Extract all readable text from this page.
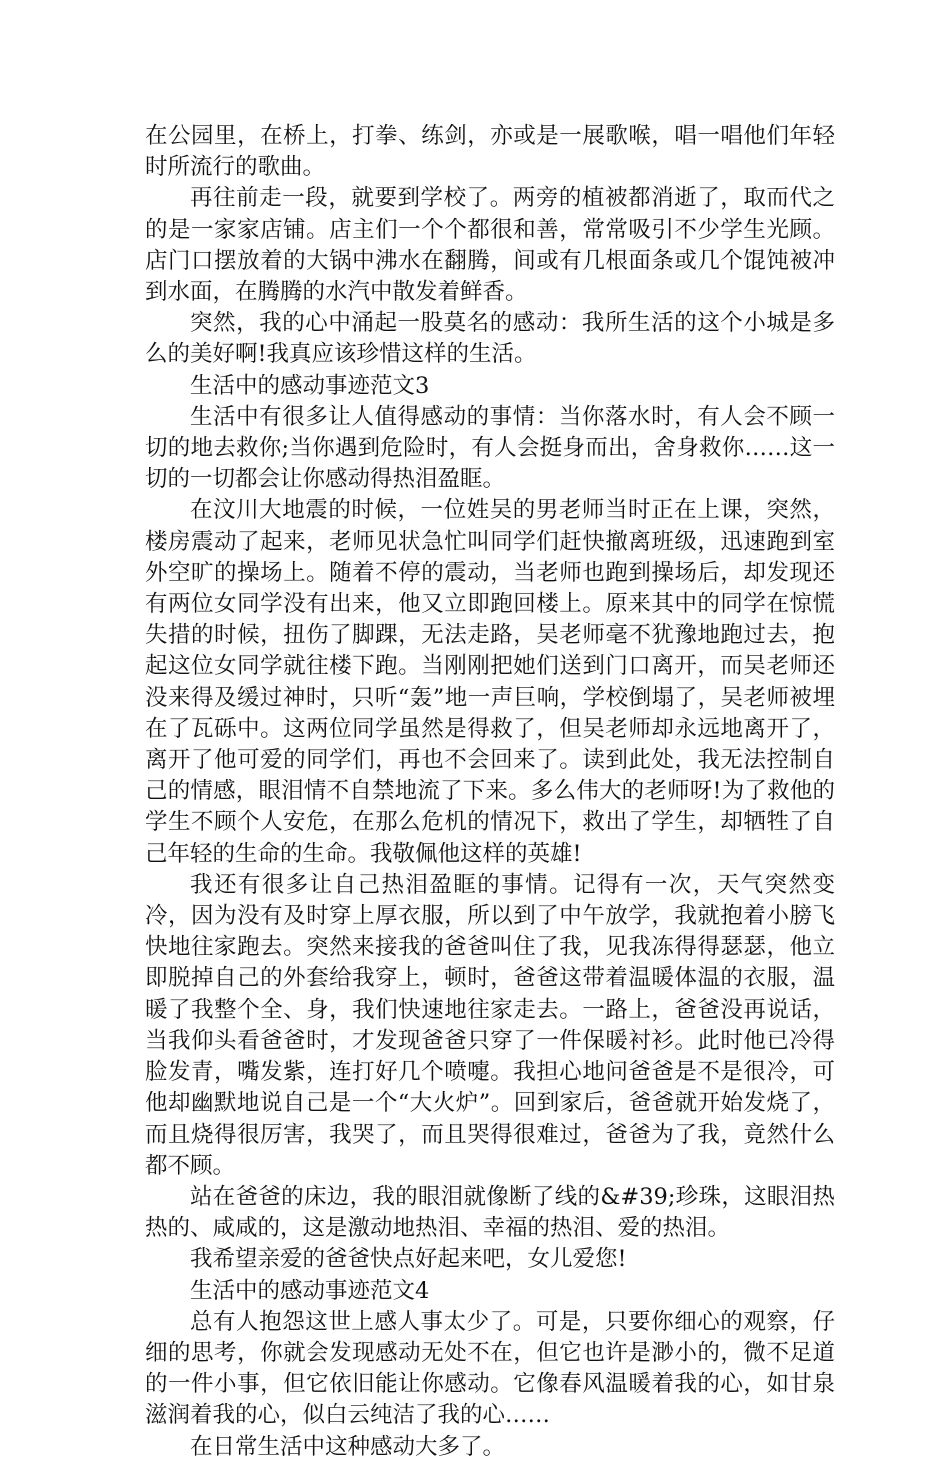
在公园里，在桥上，打拳、练剑，亦或是一展歌喉，唱一唱他们年轻时所流行的歌曲。

再往前走一段，就要到学校了。两旁的植被都消逝了，取而代之的是一家家店铺。店主们一个个都很和善，常常吸引不少学生光顾。店门口摆放着的大锅中沸水在翻腾，间或有几根面条或几个馄饨被冲到水面，在腾腾的水汽中散发着鲜香。

突然，我的心中涌起一股莫名的感动：我所生活的这个小城是多么的美好啊!我真应该珍惜这样的生活。

生活中的感动事迹范文3

生活中有很多让人值得感动的事情：当你落水时，有人会不顾一切的地去救你;当你遇到危险时，有人会挺身而出，舍身救你……这一切的一切都会让你感动得热泪盈眶。

在汶川大地震的时候，一位姓吴的男老师当时正在上课，突然，楼房震动了起来，老师见状急忙叫同学们赶快撤离班级，迅速跑到室外空旷的操场上。随着不停的震动，当老师也跑到操场后，却发现还有两位女同学没有出来，他又立即跑回楼上。原来其中的同学在惊慌失措的时候，扭伤了脚踝，无法走路，吴老师毫不犹豫地跑过去，抱起这位女同学就往楼下跑。当刚刚把她们送到门口离开，而吴老师还没来得及缓过神时，只听“轰”地一声巨响，学校倒塌了，吴老师被埋在了瓦砾中。这两位同学虽然是得救了，但吴老师却永远地离开了，离开了他可爱的同学们，再也不会回来了。读到此处，我无法控制自己的情感，眼泪情不自禁地流了下来。多么伟大的老师呀!为了救他的学生不顾个人安危，在那么危机的情况下，救出了学生，却牺牲了自己年轻的生命的生命。我敬佩他这样的英雄!

我还有很多让自己热泪盈眶的事情。记得有一次，天气突然变冷，因为没有及时穿上厚衣服，所以到了中午放学，我就抱着小膀飞快地往家跑去。突然来接我的爸爸叫住了我，见我冻得得瑟瑟，他立即脱掉自己的外套给我穿上，顿时，爸爸这带着温暖体温的衣服，温暖了我整个全、身，我们快速地往家走去。一路上，爸爸没再说话，当我仰头看爸爸时，才发现爸爸只穿了一件保暖衬衫。此时他已冷得脸发青，嘴发紫，连打好几个喷嚏。我担心地问爸爸是不是很冷，可他却幽默地说自己是一个“大火炉”。回到家后，爸爸就开始发烧了，而且烧得很厉害，我哭了，而且哭得很难过，爸爸为了我，竟然什么都不顾。

站在爸爸的床边，我的眼泪就像断了线的&#39;珍珠，这眼泪热热的、咸咸的，这是激动地热泪、幸福的热泪、爱的热泪。

我希望亲爱的爸爸快点好起来吧，女儿爱您!

生活中的感动事迹范文4

总有人抱怨这世上感人事太少了。可是，只要你细心的观察，仔细的思考，你就会发现感动无处不在，但它也许是渺小的，微不足道的一件小事，但它依旧能让你感动。它像春风温暖着我的心，如甘泉滋润着我的心，似白云纯洁了我的心……

在日常生活中这种感动大多了。
